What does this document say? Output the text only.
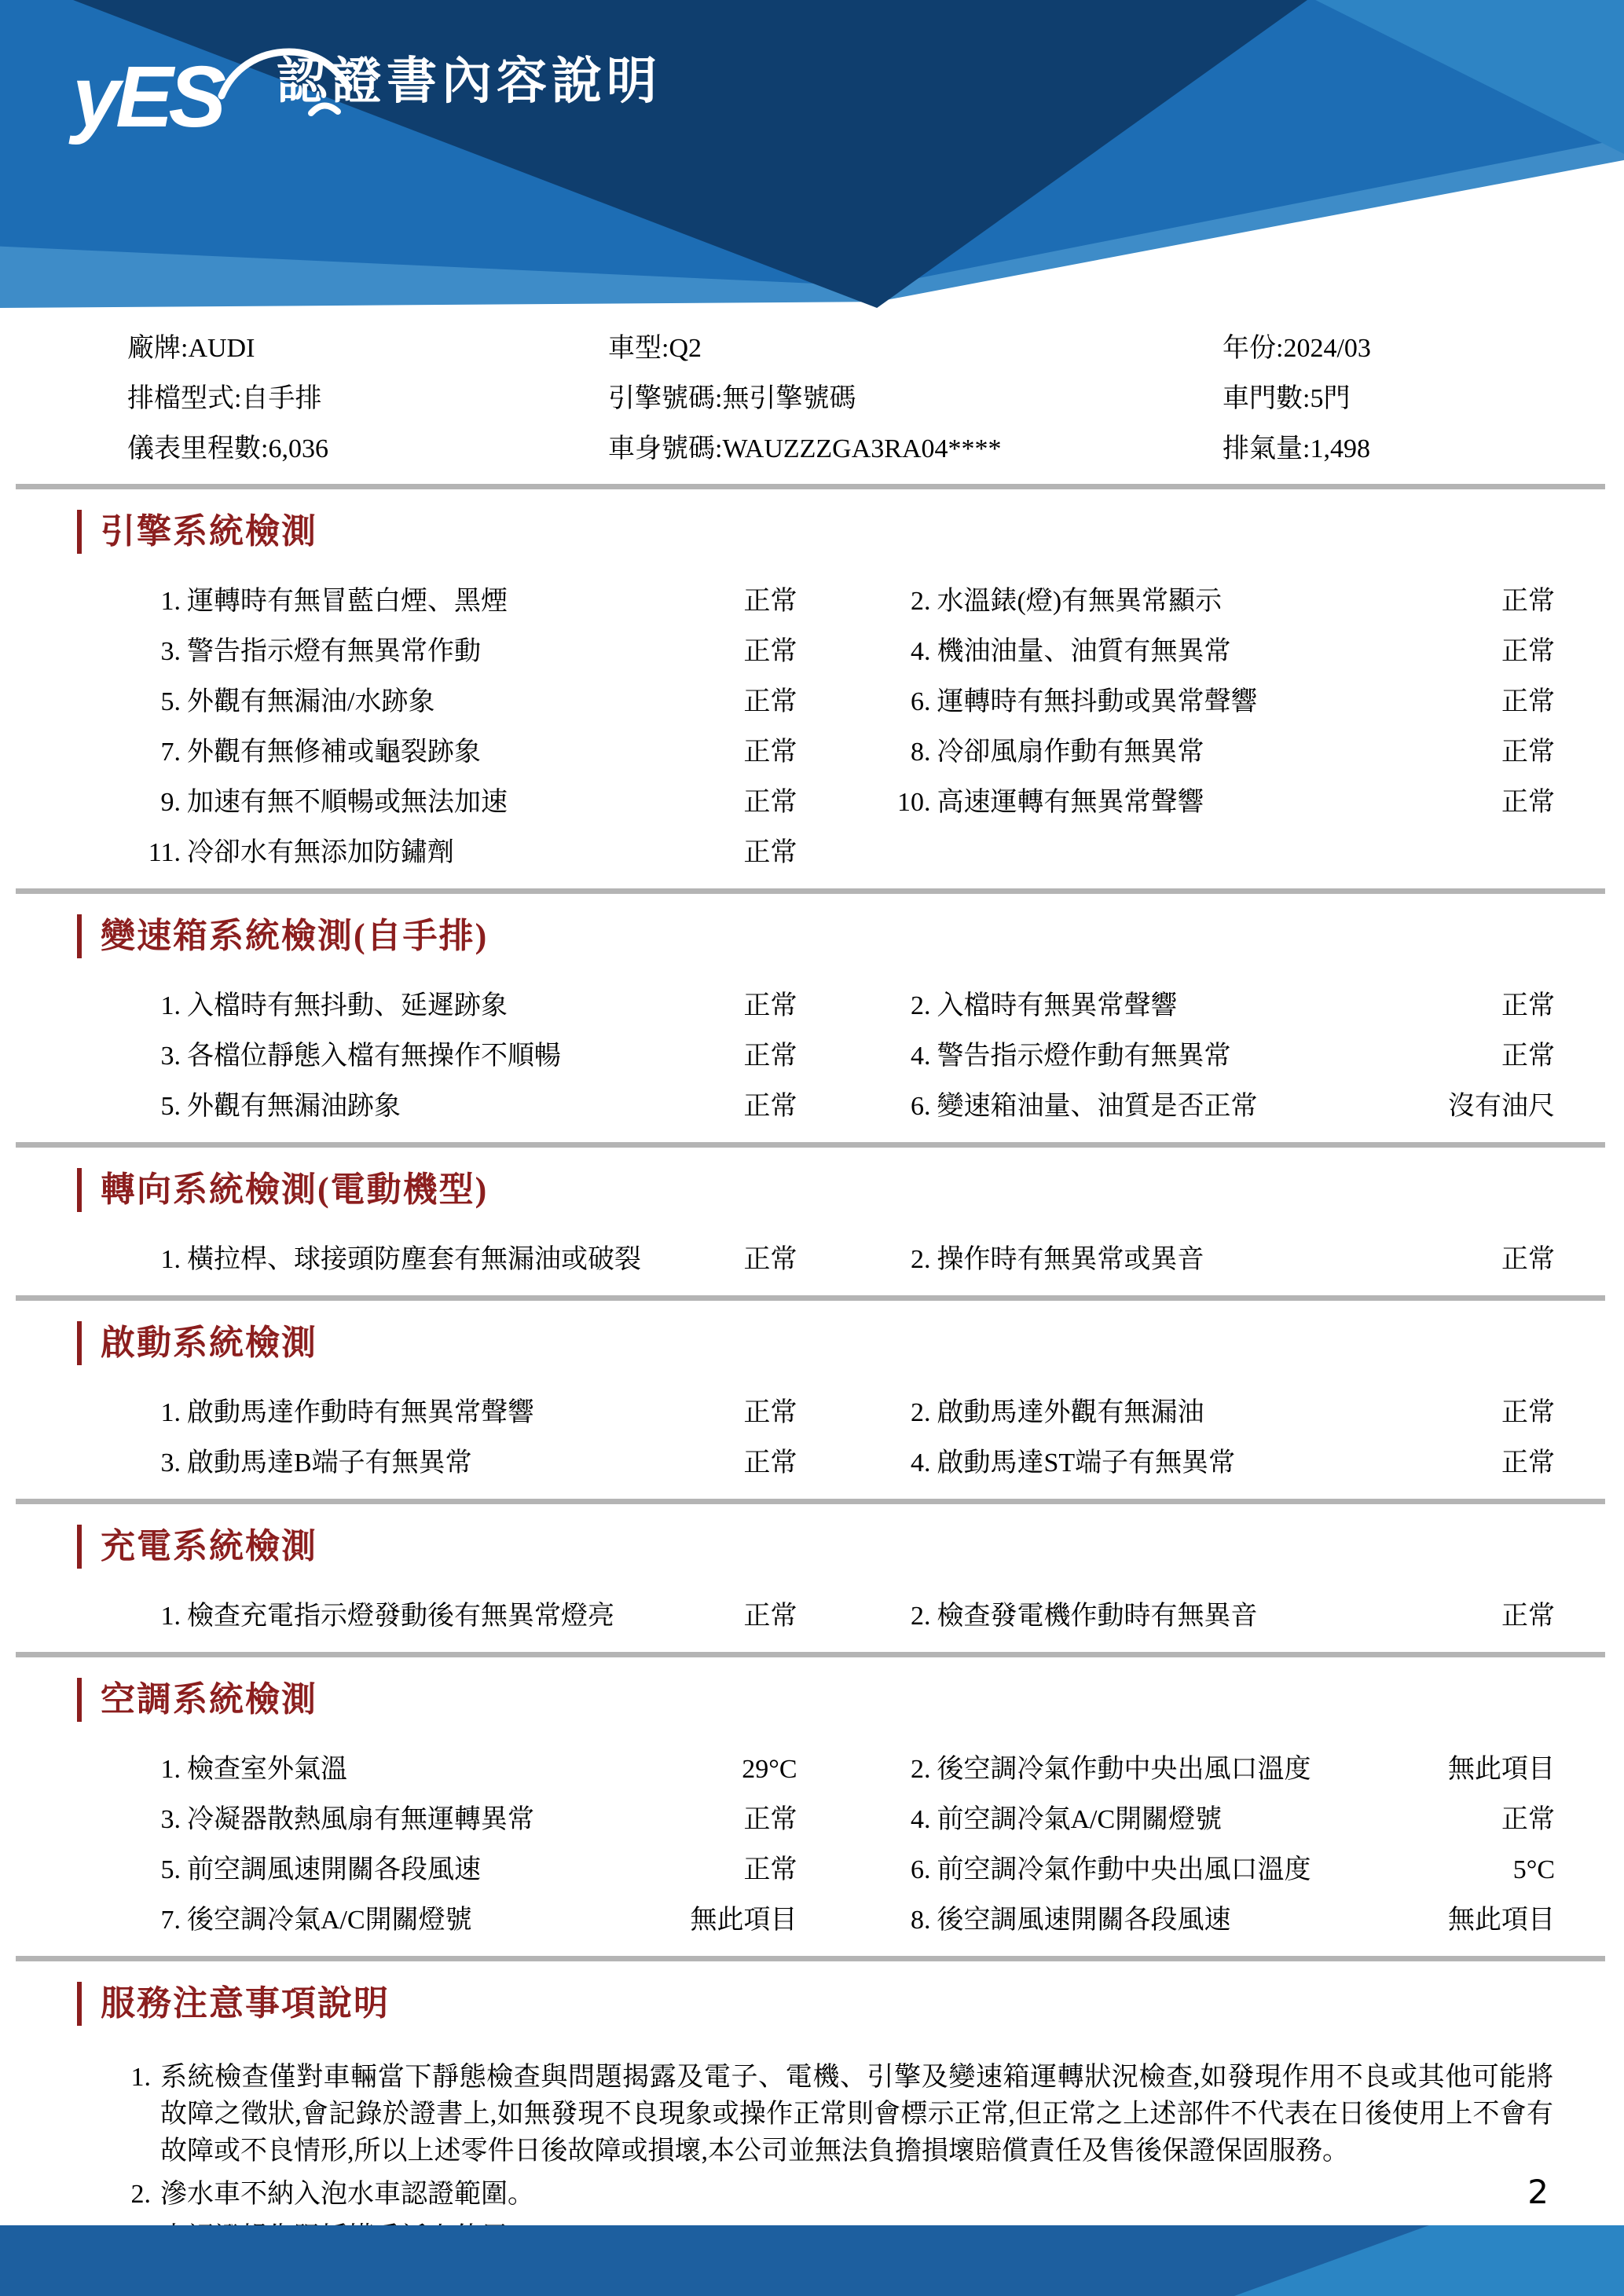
yES 認證書內容說明
廠牌:AUDI	車型:Q2	年份:2024/03
排檔型式:自手排	引擎號碼:無引擎號碼	車門數:5門
儀表里程數:6,036	車身號碼:WAUZZZGA3RA04****	排氣量:1,498
引擎系統檢測
1. 運轉時有無冒藍白煙、黑煙	正常	2. 水溫錶(燈)有無異常顯示	正常
3. 警告指示燈有無異常作動	正常	4. 機油油量、油質有無異常	正常
5. 外觀有無漏油/水跡象	正常	6. 運轉時有無抖動或異常聲響	正常
7. 外觀有無修補或龜裂跡象	正常	8. 冷卻風扇作動有無異常	正常
9. 加速有無不順暢或無法加速	正常	10. 高速運轉有無異常聲響	正常
11. 冷卻水有無添加防鏽劑	正常
變速箱系統檢測(自手排)
1. 入檔時有無抖動、延遲跡象	正常	2. 入檔時有無異常聲響	正常
3. 各檔位靜態入檔有無操作不順暢	正常	4. 警告指示燈作動有無異常	正常
5. 外觀有無漏油跡象	正常	6. 變速箱油量、油質是否正常	沒有油尺
轉向系統檢測(電動機型)
1. 橫拉桿、球接頭防塵套有無漏油或破裂	正常	2. 操作時有無異常或異音	正常
啟動系統檢測
1. 啟動馬達作動時有無異常聲響	正常	2. 啟動馬達外觀有無漏油	正常
3. 啟動馬達B端子有無異常	正常	4. 啟動馬達ST端子有無異常	正常
充電系統檢測
1. 檢查充電指示燈發動後有無異常燈亮	正常	2. 檢查發電機作動時有無異音	正常
空調系統檢測
1. 檢查室外氣溫	29°C	2. 後空調冷氣作動中央出風口溫度	無此項目
3. 冷凝器散熱風扇有無運轉異常	正常	4. 前空調冷氣A/C開關燈號	正常
5. 前空調風速開關各段風速	正常	6. 前空調冷氣作動中央出風口溫度	5°C
7. 後空調冷氣A/C開關燈號	無此項目	8. 後空調風速開關各段風速	無此項目
服務注意事項說明
1. 系統檢查僅對車輛當下靜態檢查與問題揭露及電子、電機、引擎及變速箱運轉狀況檢查,如發現作用不良或其他可能將故障之徵狀,會記錄於證書上,如無發現不良現象或操作正常則會標示正常,但正常之上述部件不代表在日後使用上不會有故障或不良情形,所以上述零件日後故障或損壞,本公司並無法負擔損壞賠償責任及售後保證保固服務。
2. 滲水車不納入泡水車認證範圍。	2
